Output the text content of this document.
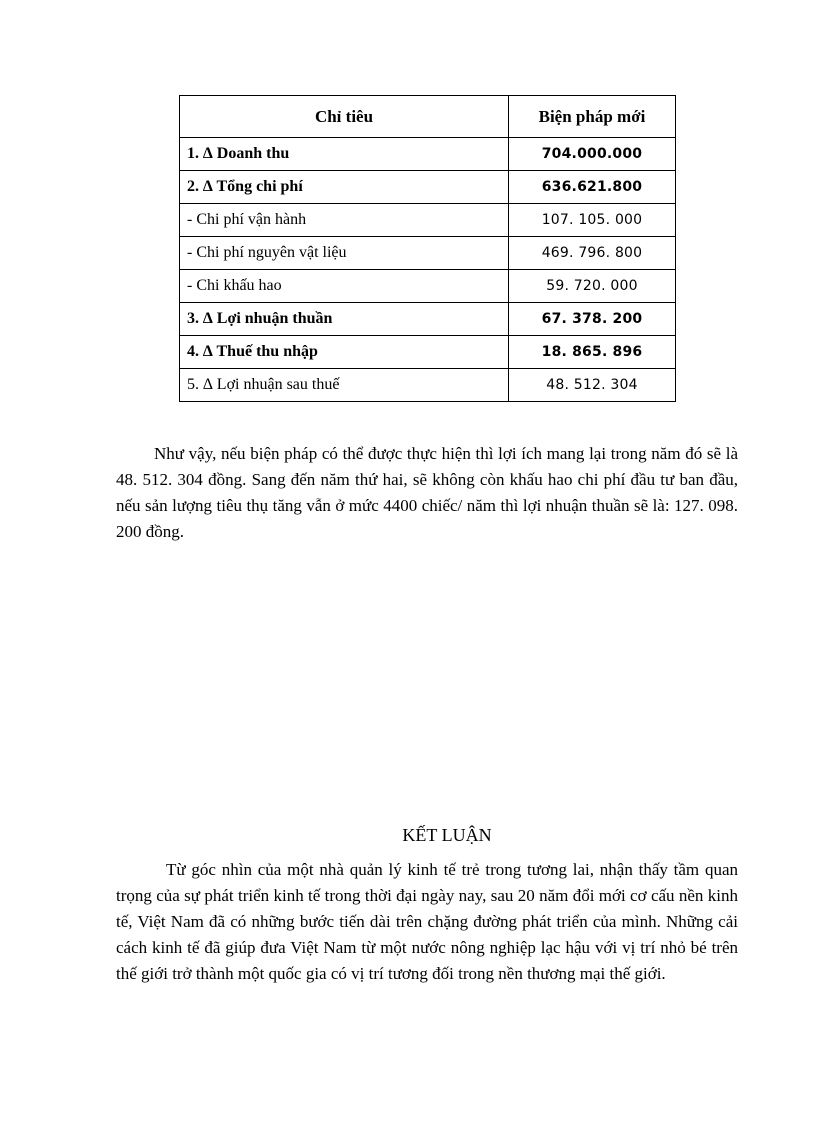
Chỉ tiêu	Biện pháp mới
1. ∆ Doanh thu	704.000.000
2. ∆ Tổng chi phí	636.621.800
- Chi phí vận hành	107. 105. 000
- Chi phí nguyên vật liệu	469. 796. 800
- Chi khấu hao	59. 720. 000
3. ∆ Lợi nhuận thuần	67. 378. 200
4. ∆ Thuế thu nhập	18. 865. 896
5. ∆ Lợi nhuận sau thuế	48. 512. 304

Như vậy, nếu biện pháp có thể được thực hiện thì lợi ích mang lại trong năm đó sẽ là 48. 512. 304 đồng. Sang đến năm thứ hai, sẽ không còn khấu hao chi phí đầu tư ban đầu, nếu sản lượng tiêu thụ tăng vẫn ở mức 4400 chiếc/ năm thì lợi nhuận thuần sẽ là: 127. 098. 200 đồng.

KẾT LUẬN

Từ góc nhìn của một nhà quản lý kinh tế trẻ trong tương lai, nhận thấy tầm quan trọng của sự phát triển kinh tế trong thời đại ngày nay, sau 20 năm đổi mới cơ cấu nền kinh tế, Việt Nam đã có những bước tiến dài trên chặng đường phát triển của mình. Những cải cách kinh tế đã giúp đưa Việt Nam từ một nước nông nghiệp lạc hậu với vị trí nhỏ bé trên thế giới trở thành một quốc gia có vị trí tương đối trong nền thương mại thế giới.
